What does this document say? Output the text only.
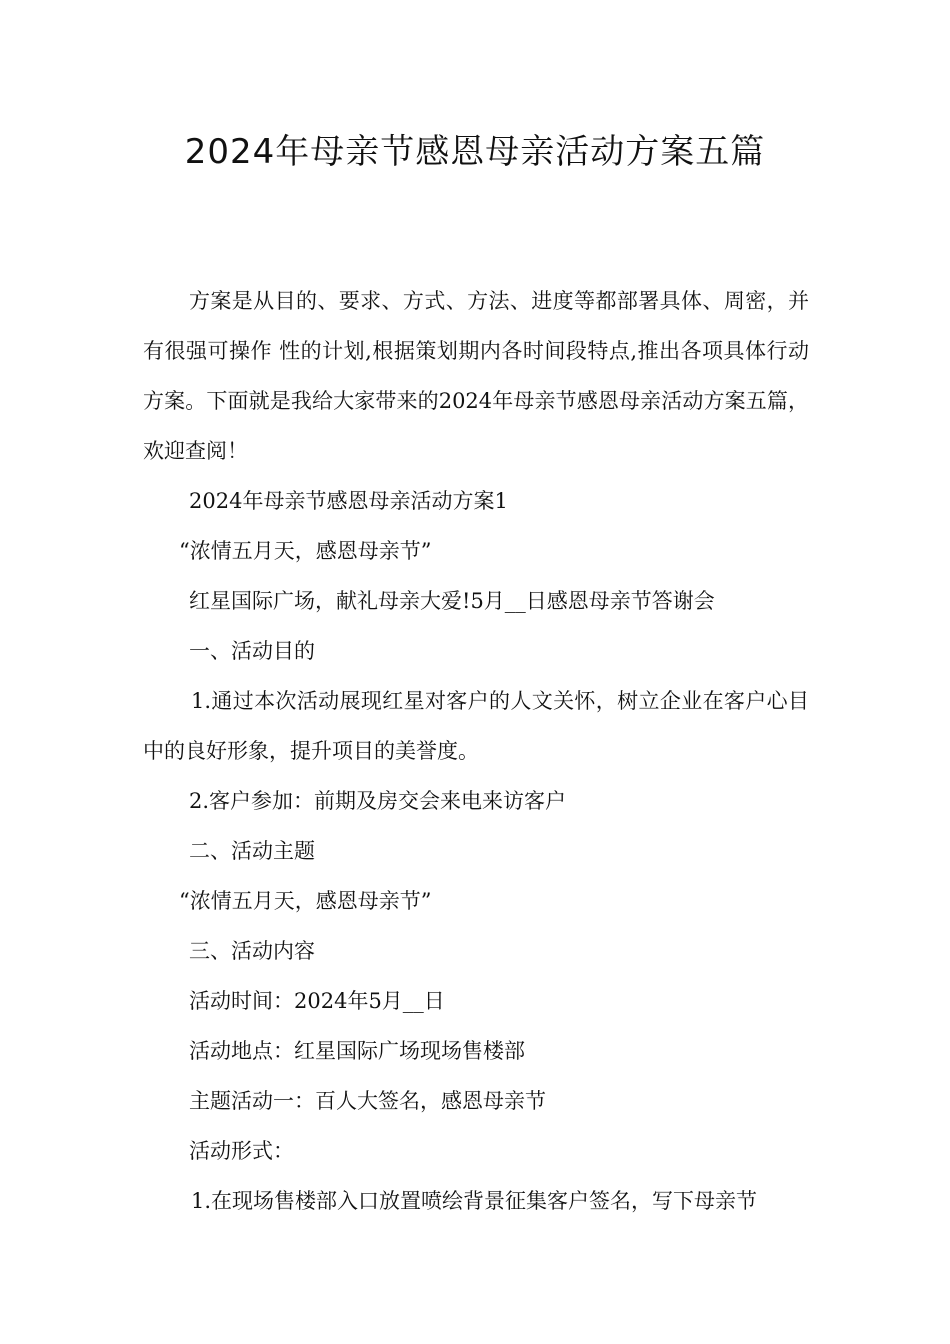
2024年母亲节感恩母亲活动方案五篇

方案是从目的、要求、方式、方法、进度等都部署具体、周密，并有很强可操作 性的计划,根据策划期内各时间段特点,推出各项具体行动方案。下面就是我给大家带来的2024年母亲节感恩母亲活动方案五篇，欢迎查阅！

2024年母亲节感恩母亲活动方案1

“浓情五月天，感恩母亲节”

红星国际广场，献礼母亲大爱!5月__日感恩母亲节答谢会

一、活动目的

1.通过本次活动展现红星对客户的人文关怀，树立企业在客户心目中的良好形象，提升项目的美誉度。

2.客户参加：前期及房交会来电来访客户

二、活动主题

“浓情五月天，感恩母亲节”

三、活动内容

活动时间：2024年5月__日

活动地点：红星国际广场现场售楼部

主题活动一：百人大签名，感恩母亲节

活动形式：

1.在现场售楼部入口放置喷绘背景征集客户签名，写下母亲节
